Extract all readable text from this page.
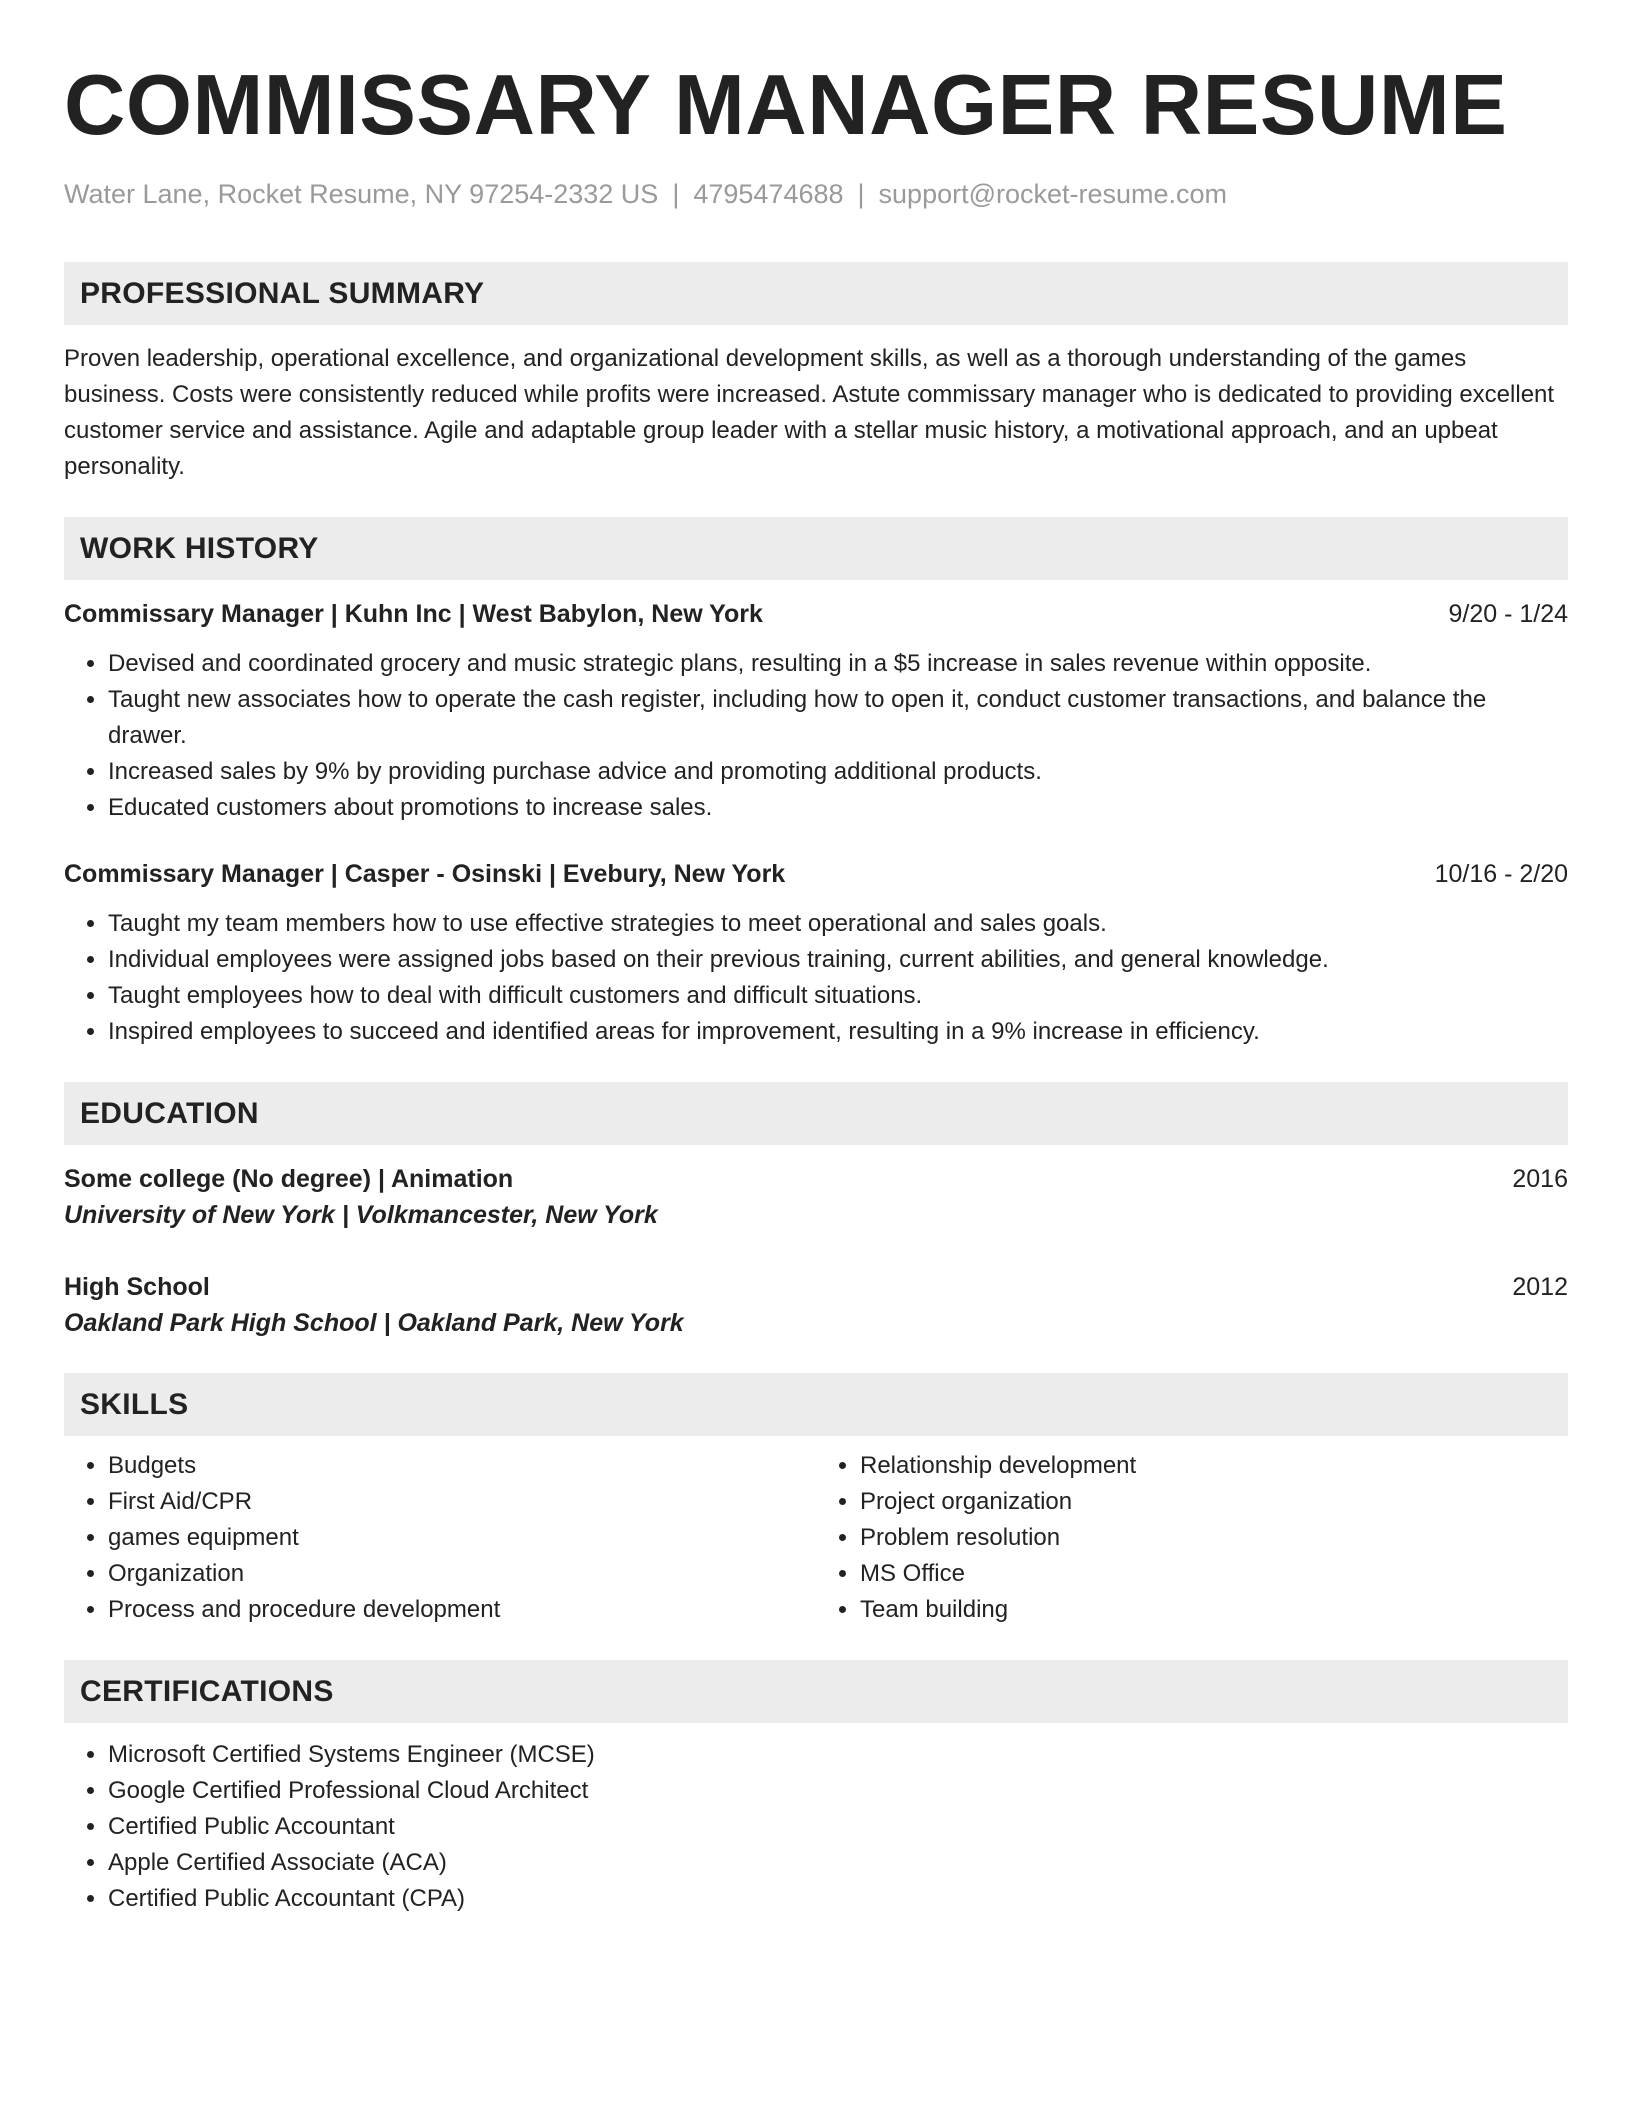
COMMISSARY MANAGER RESUME
Water Lane, Rocket Resume, NY 97254-2332 US | 4795474688 | support@rocket-resume.com
PROFESSIONAL SUMMARY

Proven leadership, operational excellence, and organizational development skills, as well as a thorough understanding of the games business. Costs were consistently reduced while profits were increased. Astute commissary manager who is dedicated to providing excellent customer service and assistance. Agile and adaptable group leader with a stellar music history, a motivational approach, and an upbeat personality.

WORK HISTORY
Commissary Manager | Kuhn Inc | West Babylon, New York	9/20 - 1/24
• Devised and coordinated grocery and music strategic plans, resulting in a $5 increase in sales revenue within opposite.
• Taught new associates how to operate the cash register, including how to open it, conduct customer transactions, and balance the drawer.
• Increased sales by 9% by providing purchase advice and promoting additional products.
• Educated customers about promotions to increase sales.
Commissary Manager | Casper - Osinski | Evebury, New York	10/16 - 2/20
• Taught my team members how to use effective strategies to meet operational and sales goals.
• Individual employees were assigned jobs based on their previous training, current abilities, and general knowledge.
• Taught employees how to deal with difficult customers and difficult situations.
• Inspired employees to succeed and identified areas for improvement, resulting in a 9% increase in efficiency.
EDUCATION
Some college (No degree) | Animation	2016
University of New York | Volkmancester, New York
High School	2012
Oakland Park High School | Oakland Park, New York
SKILLS
• Budgets
• First Aid/CPR
• games equipment
• Organization
• Process and procedure development
• Relationship development
• Project organization
• Problem resolution
• MS Office
• Team building
CERTIFICATIONS
• Microsoft Certified Systems Engineer (MCSE)
• Google Certified Professional Cloud Architect
• Certified Public Accountant
• Apple Certified Associate (ACA)
• Certified Public Accountant (CPA)
